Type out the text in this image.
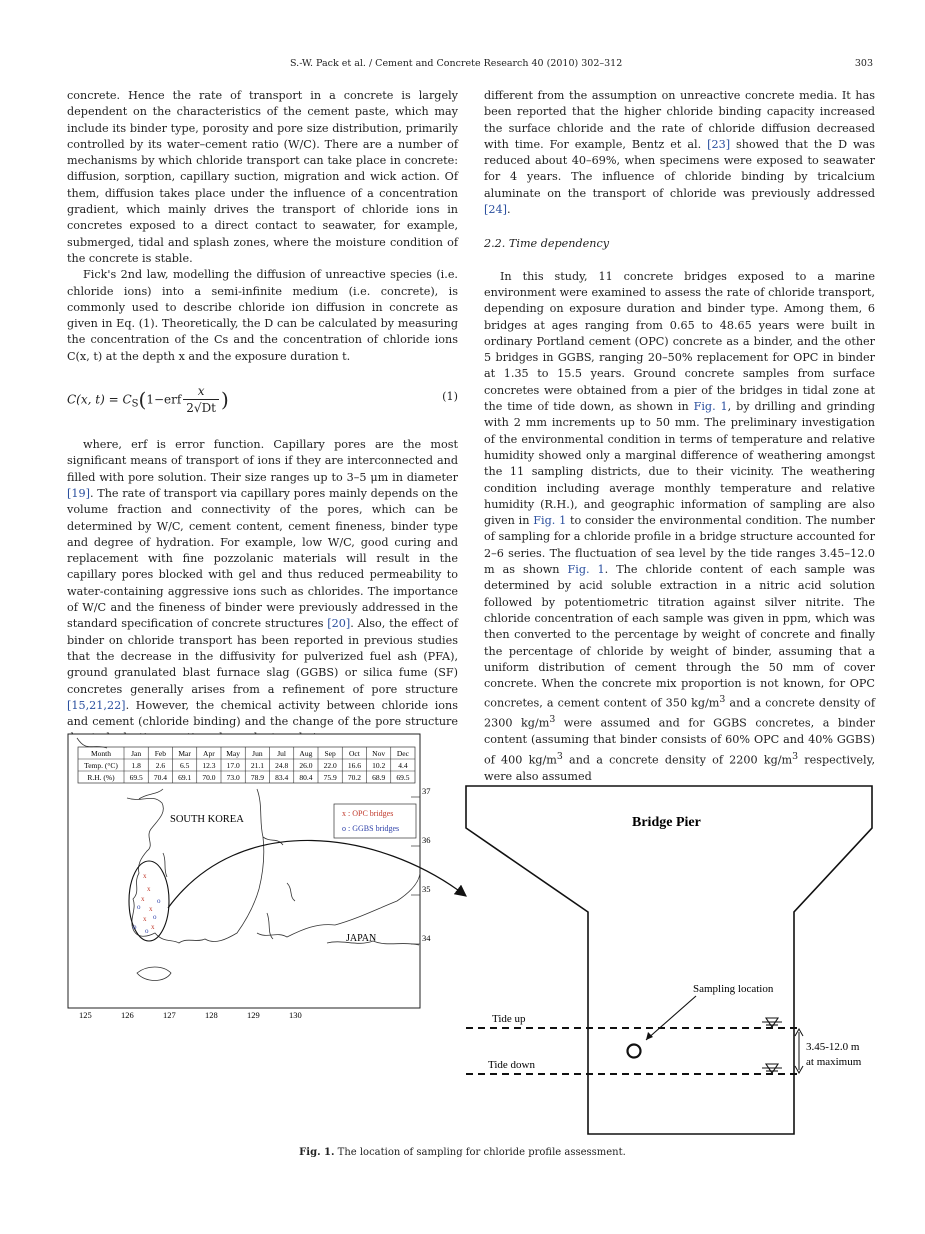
S.-W. Pack et al. / Cement and Concrete Research 40 (2010) 302–312	303

concrete. Hence the rate of transport in a concrete is largely dependent on the characteristics of the cement paste, which may include its binder type, porosity and pore size distribution, primarily controlled by its water–cement ratio (W/C). There are a number of mechanisms by which chloride transport can take place in concrete: diffusion, sorption, capillary suction, migration and wick action. Of them, diffusion takes place under the influence of a concentration gradient, which mainly drives the transport of chloride ions in concretes exposed to a direct contact to seawater, for example, submerged, tidal and splash zones, where the moisture condition of the concrete is stable.

Fick's 2nd law, modelling the diffusion of unreactive species (i.e. chloride ions) into a semi-infinite medium (i.e. concrete), is commonly used to describe chloride ion diffusion in concrete as given in Eq. (1). Theoretically, the D can be calculated by measuring the concentration of the Cs and the concentration of chloride ions C(x, t) at the depth x and the exposure duration t.

C(x, $t) = C_S(1-erf \frac{x}{2√Dt}$ )	(1)

where, erf is error function. Capillary pores are the most significant means of transport of ions if they are interconnected and filled with pore solution. Their size ranges up to 3–5 μm in diameter [19]. The rate of transport via capillary pores mainly depends on the volume fraction and connectivity of the pores, which can be determined by W/C, cement content, cement fineness, binder type and degree of hydration. For example, low W/C, good curing and replacement with fine pozzolanic materials will result in the capillary pores blocked with gel and thus reduced permeability to water-containing aggressive ions such as chlorides. The importance of W/C and the fineness of binder were previously addressed in the standard specification of concrete structures [20]. Also, the effect of binder on chloride transport has been reported in previous studies that the decrease in the diffusivity for pulverized fuel ash (PFA), ground granulated blast furnace slag (GGBS) or silica fume (SF) concretes generally arises from a refinement of pore structure [15,21,22]. However, the chemical activity between chloride ions and cement (chloride binding) and the change of the pore structure

different from the assumption on unreactive concrete media. It has been reported that the higher chloride binding capacity increased the surface chloride and the rate of chloride diffusion decreased with time. For example, Bentz et al. [23] showed that the D was reduced about 40–69%, when specimens were exposed to seawater for 4 years. The influence of chloride binding by tricalcium aluminate on the transport of chloride was previously addressed [24].

2.2. Time dependency

In this study, 11 concrete bridges exposed to a marine environment were examined to assess the rate of chloride transport, depending on exposure duration and binder type. Among them, 6 bridges at ages ranging from 0.65 to 48.65 years were built in ordinary Portland cement (OPC) concrete as a binder, and the other 5 bridges in GGBS, ranging 20–50% replacement for OPC in binder at 1.35 to 15.5 years. Ground concrete samples from surface concretes were obtained from a pier of the bridges in tidal zone at the time of tide down, as shown in Fig. 1, by drilling and grinding with 2 mm increments up to 50 mm. The preliminary investigation of the environmental condition in terms of temperature and relative humidity showed only a marginal difference of weathering amongst the 11 sampling districts, due to their vicinity. The weathering condition including average monthly temperature and relative humidity (R.H.), and geographic information of sampling are also given in Fig. 1 to consider the environmental condition. The number of sampling for a chloride profile in a bridge structure accounted for 2–6 series. The fluctuation of sea level by the tide ranges 3.45–12.0 m as shown Fig. 1. The chloride content of each sample was determined by acid soluble extraction in a nitric acid solution followed by potentiometric titration against silver nitrite. The chloride concentration of each sample was given in ppm, which was then converted to the percentage by weight of concrete and finally the percentage of chloride by weight of binder, assuming that a uniform distribution of cement through the 50 mm of cover concrete. When the concrete mix proportion is not known, for OPC concretes, a cement content of 350 $kg/m^3$ and a concrete density of 2300 $kg/m^3$ were assumed and for GGBS concretes, a binder content (assuming that binder consists of 60% OPC and 40% GGBS) of 400 $kg/m^3$ and a concrete density of 2200 $kg/m^3$ respectively, were also assumed

Month	Jan Feb Mar Apr May Jun Jul Aug Sep Oct Nov Dec
Temp. (°C) 1.8 2.6 6.5 12.3 17.0 21.1 24.8 26.0 22.0 16.6 10.2 4.4
R.H. (%) 69.5 70.4 69.1 70.0 73.0 78.9 83.4 80.4 75.9 70.2 68.9 69.5
x
x
x
x
x
x
o
o
o o
o
x : OPC bridges
o : GGBS bridges
SOUTH KOREA
JAPAN
125	126	127	128	129	130
37
36
35
34
Bridge Pier
Tide up
Tide down
3.45-12.0 m
at maximum
Sampling location
Fig. 1. The location of sampling for chloride profile assessment.
